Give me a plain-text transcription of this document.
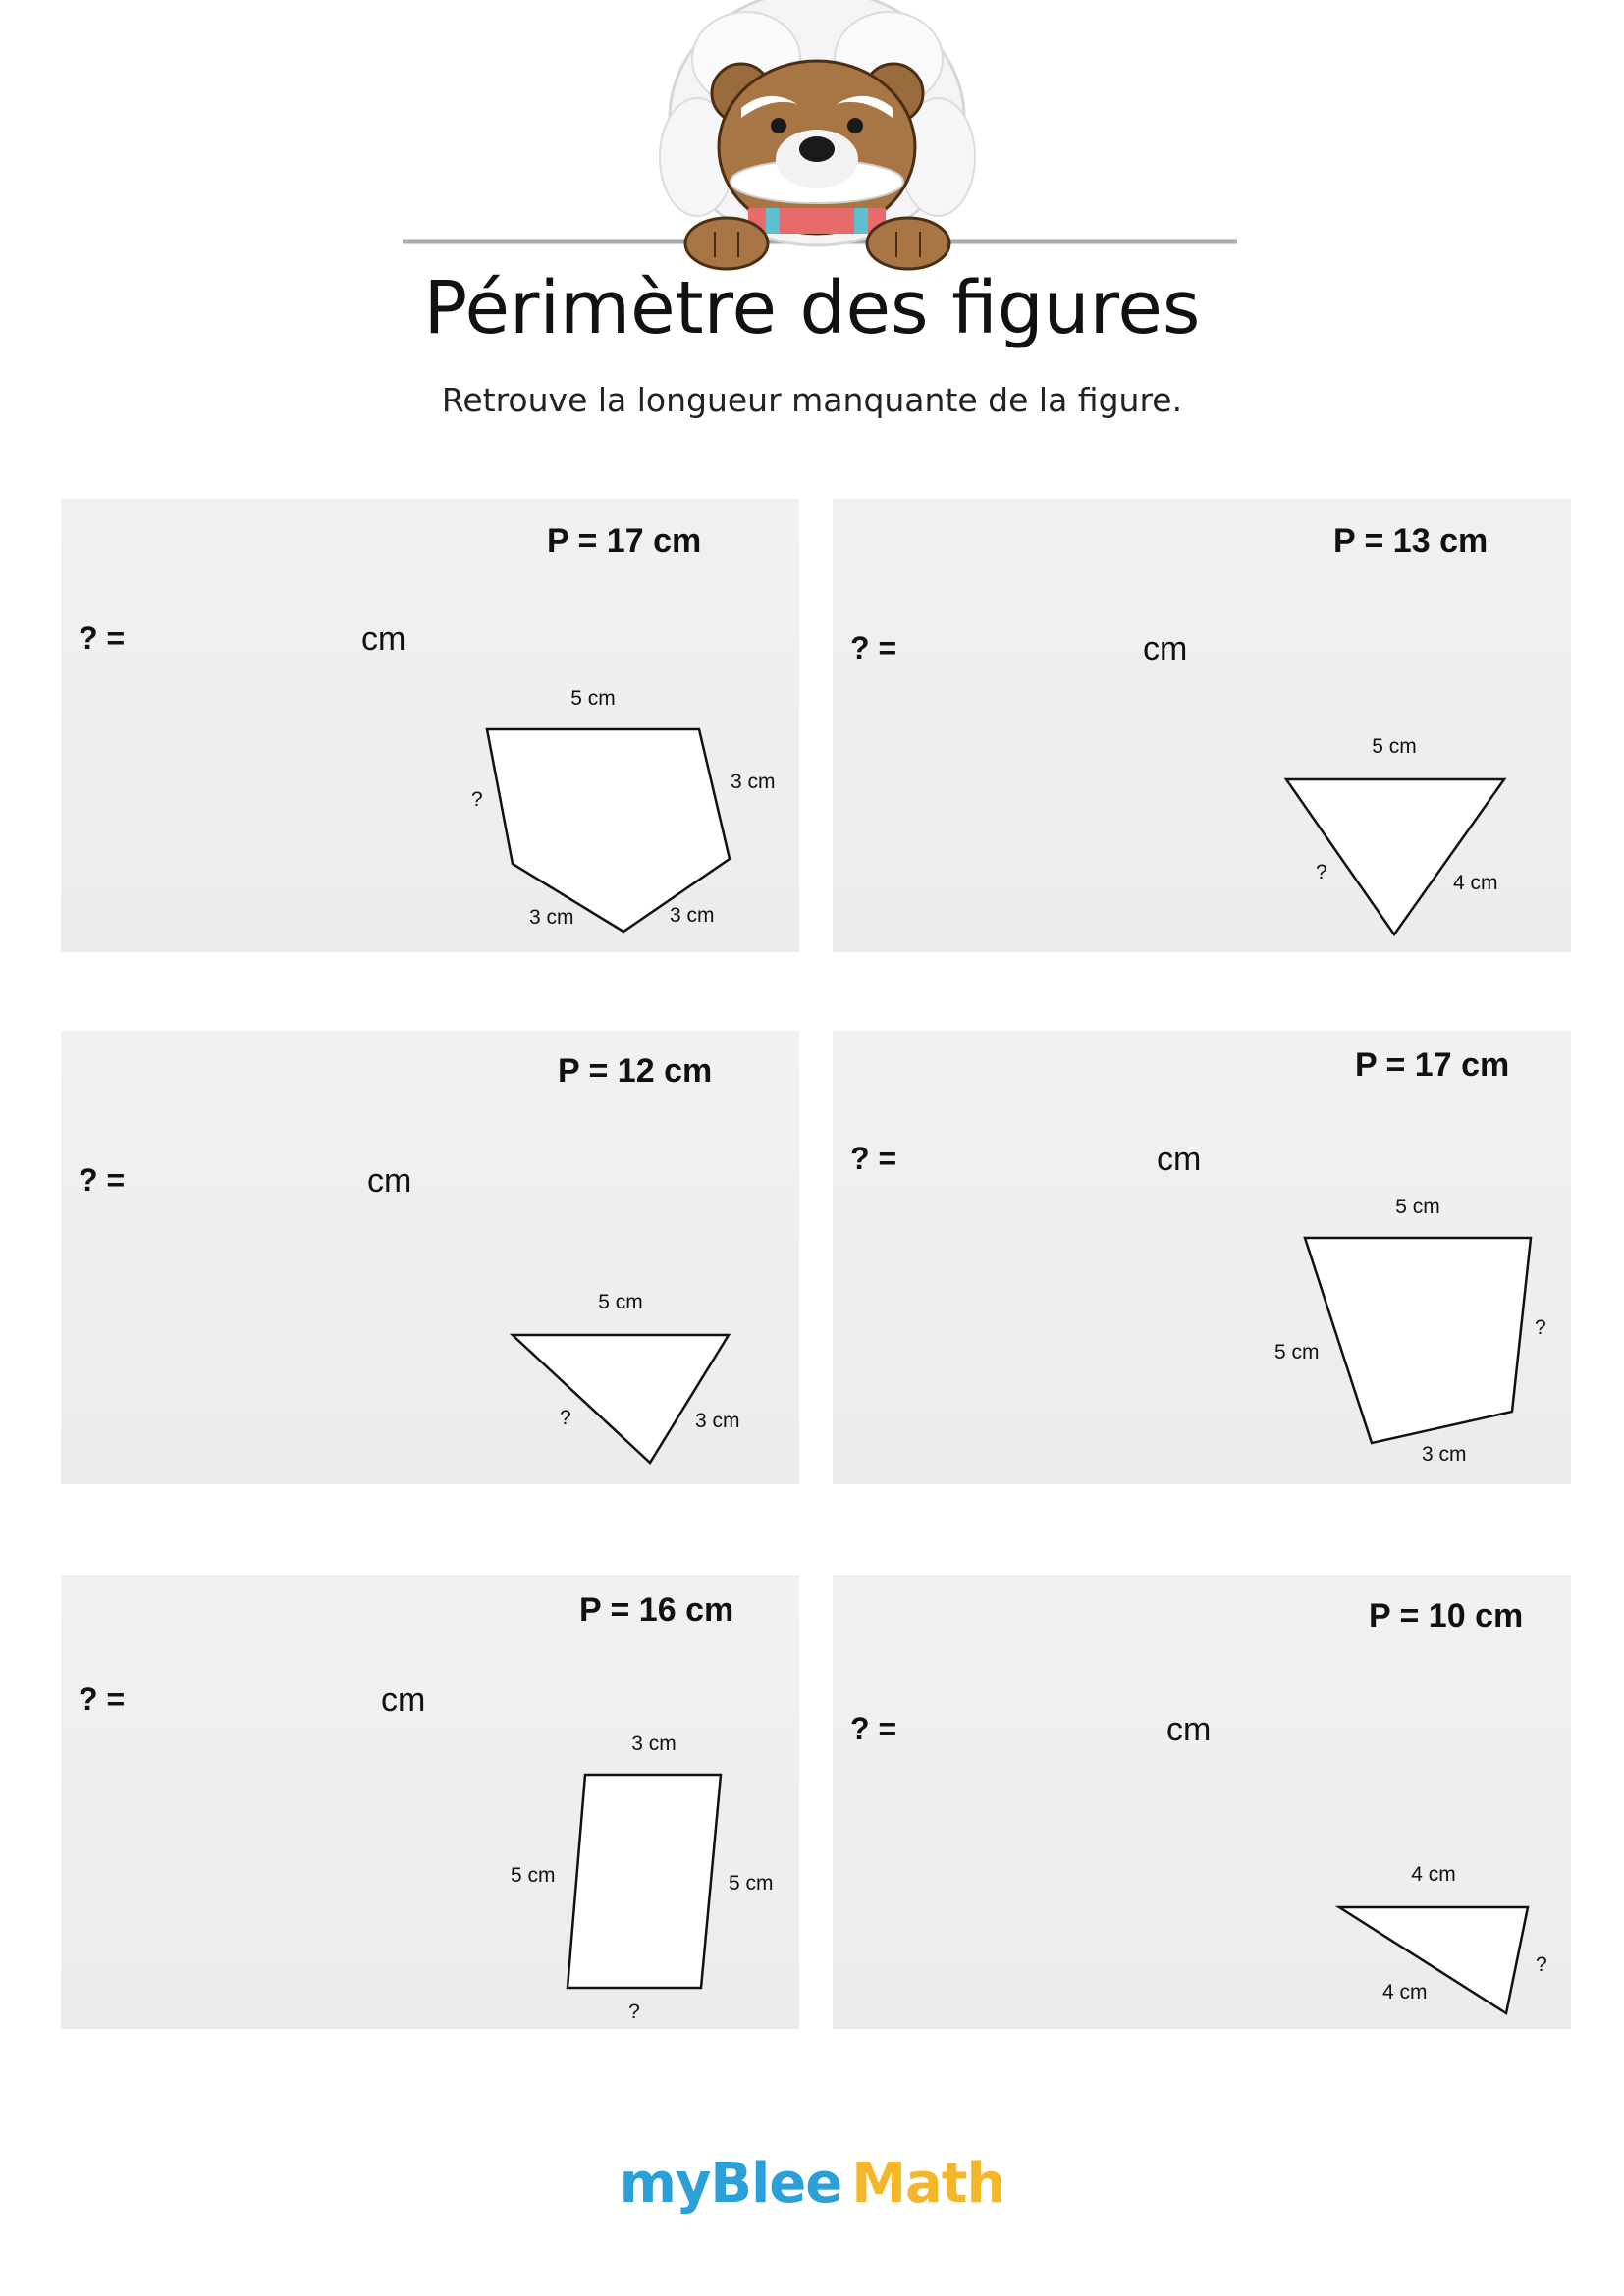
Périmètre des figures

Retrouve la longueur manquante de la figure.

P = 17 cm
? =	cm
5 cm
3 cm
3 cm
3 cm
?
P = 13 cm
? =	cm
5 cm
4 cm
?
P = 12 cm
? =	cm
5 cm
3 cm
?
P = 17 cm
? =	cm
5 cm
?
3 cm
5 cm
P = 16 cm
? =	cm
3 cm
5 cm
?
5 cm
P = 10 cm
? =	cm
4 cm
?
4 cm
myBlee Math
